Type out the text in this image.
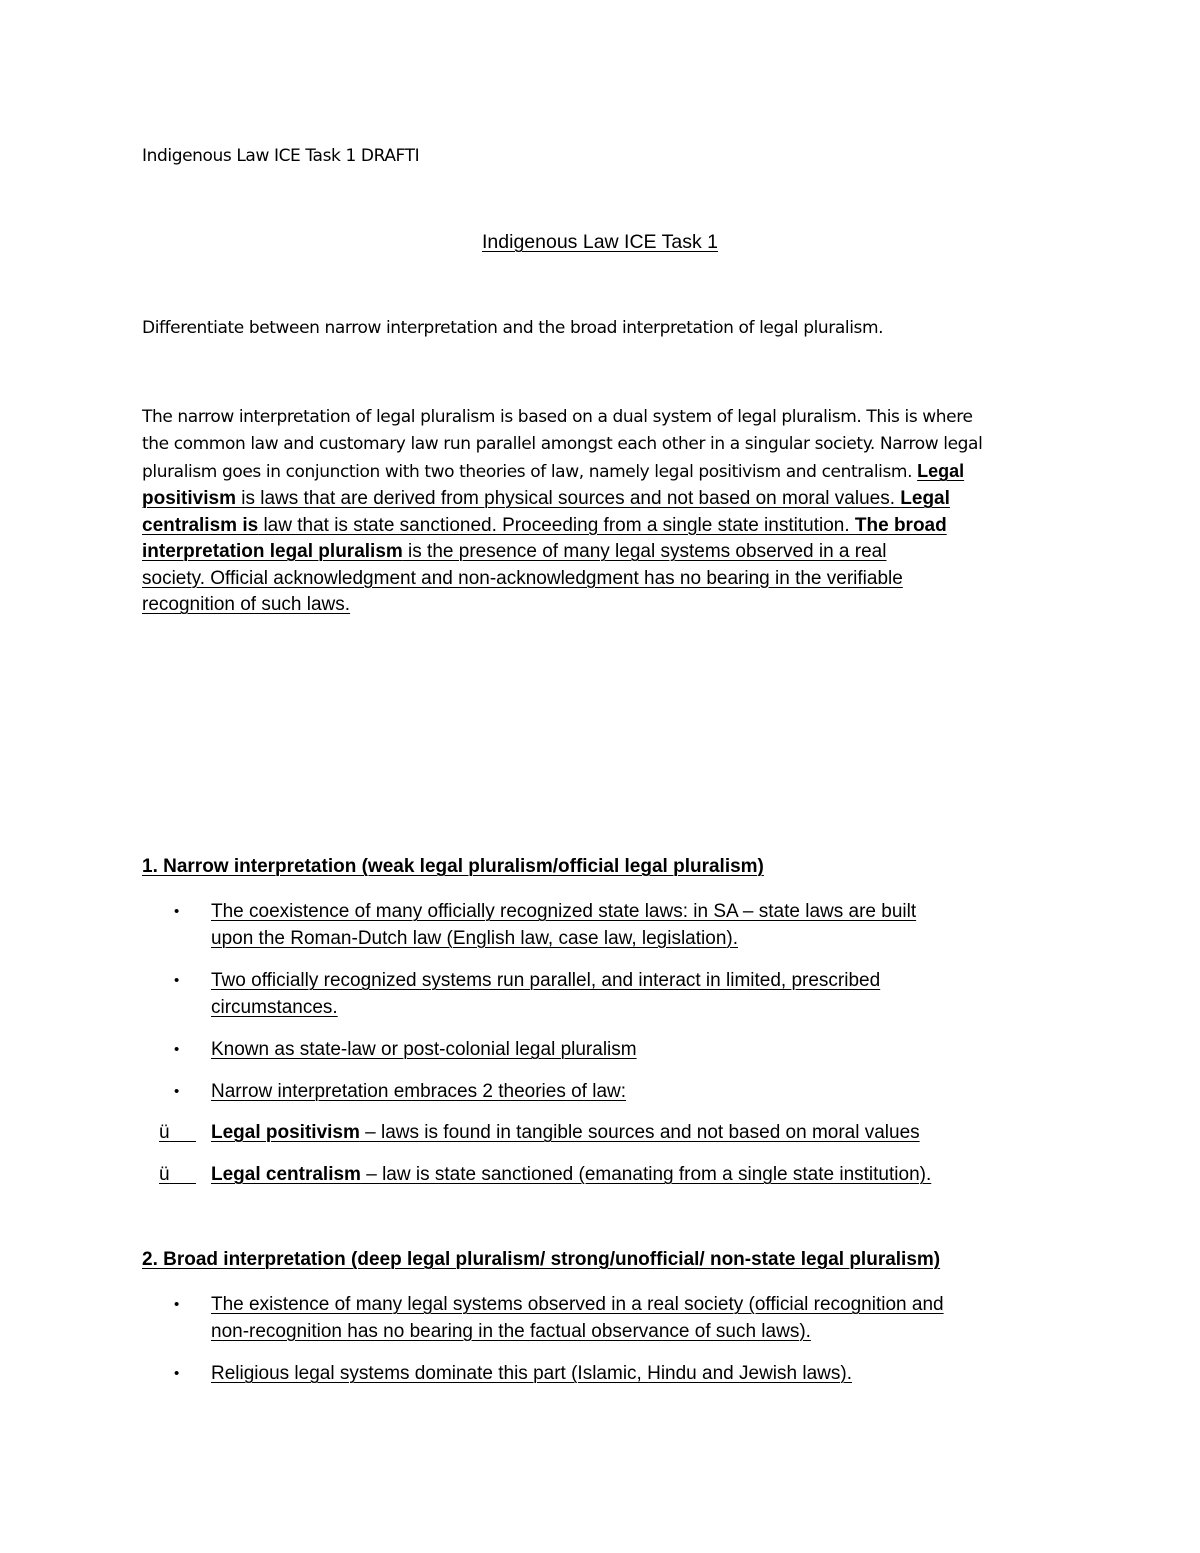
Indigenous Law ICE Task 1 DRAFTI
Indigenous Law ICE Task 1
Differentiate between narrow interpretation and the broad interpretation of legal pluralism.
The narrow interpretation of legal pluralism is based on a dual system of legal pluralism. This is where
the common law and customary law run parallel amongst each other in a singular society. Narrow legal
pluralism goes in conjunction with two theories of law, namely legal positivism and centralism. Legal
positivism is laws that are derived from physical sources and not based on moral values. Legal
centralism is law that is state sanctioned. Proceeding from a single state institution. The broad
interpretation legal pluralism is the presence of many legal systems observed in a real
society. Official acknowledgment and non-acknowledgment has no bearing in the verifiable
recognition of such laws.
1. Narrow interpretation (weak legal pluralism/official legal pluralism)
• The coexistence of many officially recognized state laws: in SA – state laws are built
upon the Roman-Dutch law (English law, case law, legislation).
• Two officially recognized systems run parallel, and interact in limited, prescribed
circumstances.
• Known as state-law or post-colonial legal pluralism
• Narrow interpretation embraces 2 theories of law:
ü	Legal positivism – laws is found in tangible sources and not based on moral values
ü	Legal centralism – law is state sanctioned (emanating from a single state institution).
2. Broad interpretation (deep legal pluralism/ strong/unofficial/ non-state legal pluralism)
• The existence of many legal systems observed in a real society (official recognition and
non-recognition has no bearing in the factual observance of such laws).
• Religious legal systems dominate this part (Islamic, Hindu and Jewish laws).
